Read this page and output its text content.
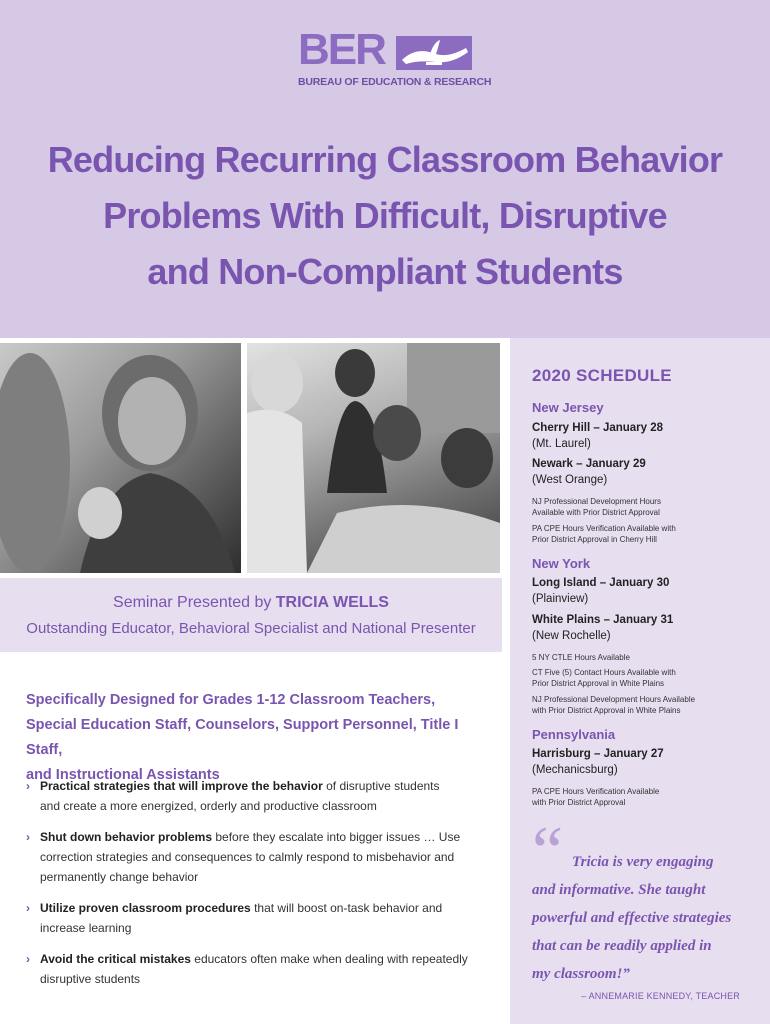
BER
BUREAU OF EDUCATION & RESEARCH
Reducing Recurring Classroom Behavior
Problems With Difficult, Disruptive
and Non-Compliant Students
Seminar Presented by TRICIA WELLS
Outstanding Educator, Behavioral Specialist and National Presenter
Specifically Designed for Grades 1-12 Classroom Teachers,
Special Education Staff, Counselors, Support Personnel, Title I Staff,
and Instructional Assistants
› Practical strategies that will improve the behavior of disruptive students
and create a more energized, orderly and productive classroom
› Shut down behavior problems before they escalate into bigger issues … Use
correction strategies and consequences to calmly respond to misbehavior and
permanently change behavior
› Utilize proven classroom procedures that will boost on-task behavior and
increase learning
› Avoid the critical mistakes educators often make when dealing with repeatedly
disruptive students
2020 SCHEDULE
New Jersey
Cherry Hill – January 28
(Mt. Laurel)
Newark – January 29
(West Orange)
NJ Professional Development Hours
Available with Prior District Approval
PA CPE Hours Verification Available with
Prior District Approval in Cherry Hill
New York
Long Island – January 30
(Plainview)
White Plains – January 31
(New Rochelle)
5 NY CTLE Hours Available
CT Five (5) Contact Hours Available with
Prior District Approval in White Plains
NJ Professional Development Hours Available
with Prior District Approval in White Plains
Pennsylvania
Harrisburg – January 27
(Mechanicsburg)
PA CPE Hours Verification Available
with Prior District Approval
“ Tricia is very engaging
and informative. She taught
powerful and effective strategies
that can be readily applied in
my classroom!”
– ANNEMARIE KENNEDY, TEACHER
